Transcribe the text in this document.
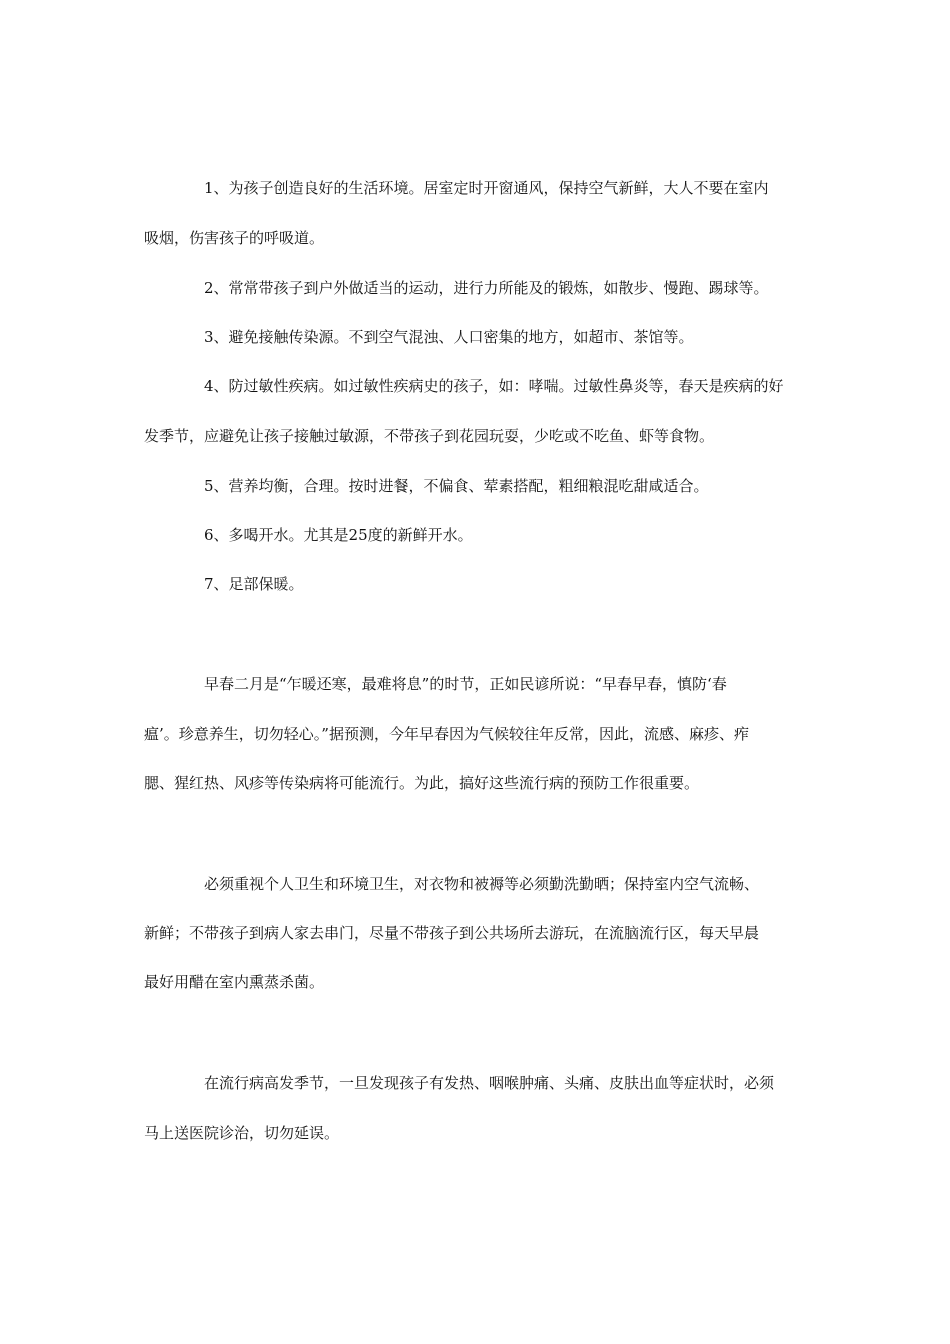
1、为孩子创造良好的生活环境。居室定时开窗通风，保持空气新鲜，大人不要在室内
吸烟，伤害孩子的呼吸道。
2、常常带孩子到户外做适当的运动，进行力所能及的锻炼，如散步、慢跑、踢球等。
3、避免接触传染源。不到空气混浊、人口密集的地方，如超市、茶馆等。
4、防过敏性疾病。如过敏性疾病史的孩子，如：哮喘。过敏性鼻炎等，春天是疾病的好
发季节，应避免让孩子接触过敏源，不带孩子到花园玩耍，少吃或不吃鱼、虾等食物。
5、营养均衡，合理。按时进餐，不偏食、荤素搭配，粗细粮混吃甜咸适合。
6、多喝开水。尤其是25度的新鲜开水。
7、足部保暖。
早春二月是“乍暖还寒，最难将息”的时节，正如民谚所说：“早春早春，慎防‘春
瘟’。珍意养生，切勿轻心。”据预测，今年早春因为气候较往年反常，因此，流感、麻疹、痄
腮、猩红热、风疹等传染病将可能流行。为此，搞好这些流行病的预防工作很重要。
必须重视个人卫生和环境卫生，对衣物和被褥等必须勤洗勤晒；保持室内空气流畅、
新鲜；不带孩子到病人家去串门，尽量不带孩子到公共场所去游玩，在流脑流行区，每天早晨
最好用醋在室内熏蒸杀菌。
在流行病高发季节，一旦发现孩子有发热、咽喉肿痛、头痛、皮肤出血等症状时，必须
马上送医院诊治，切勿延误。
